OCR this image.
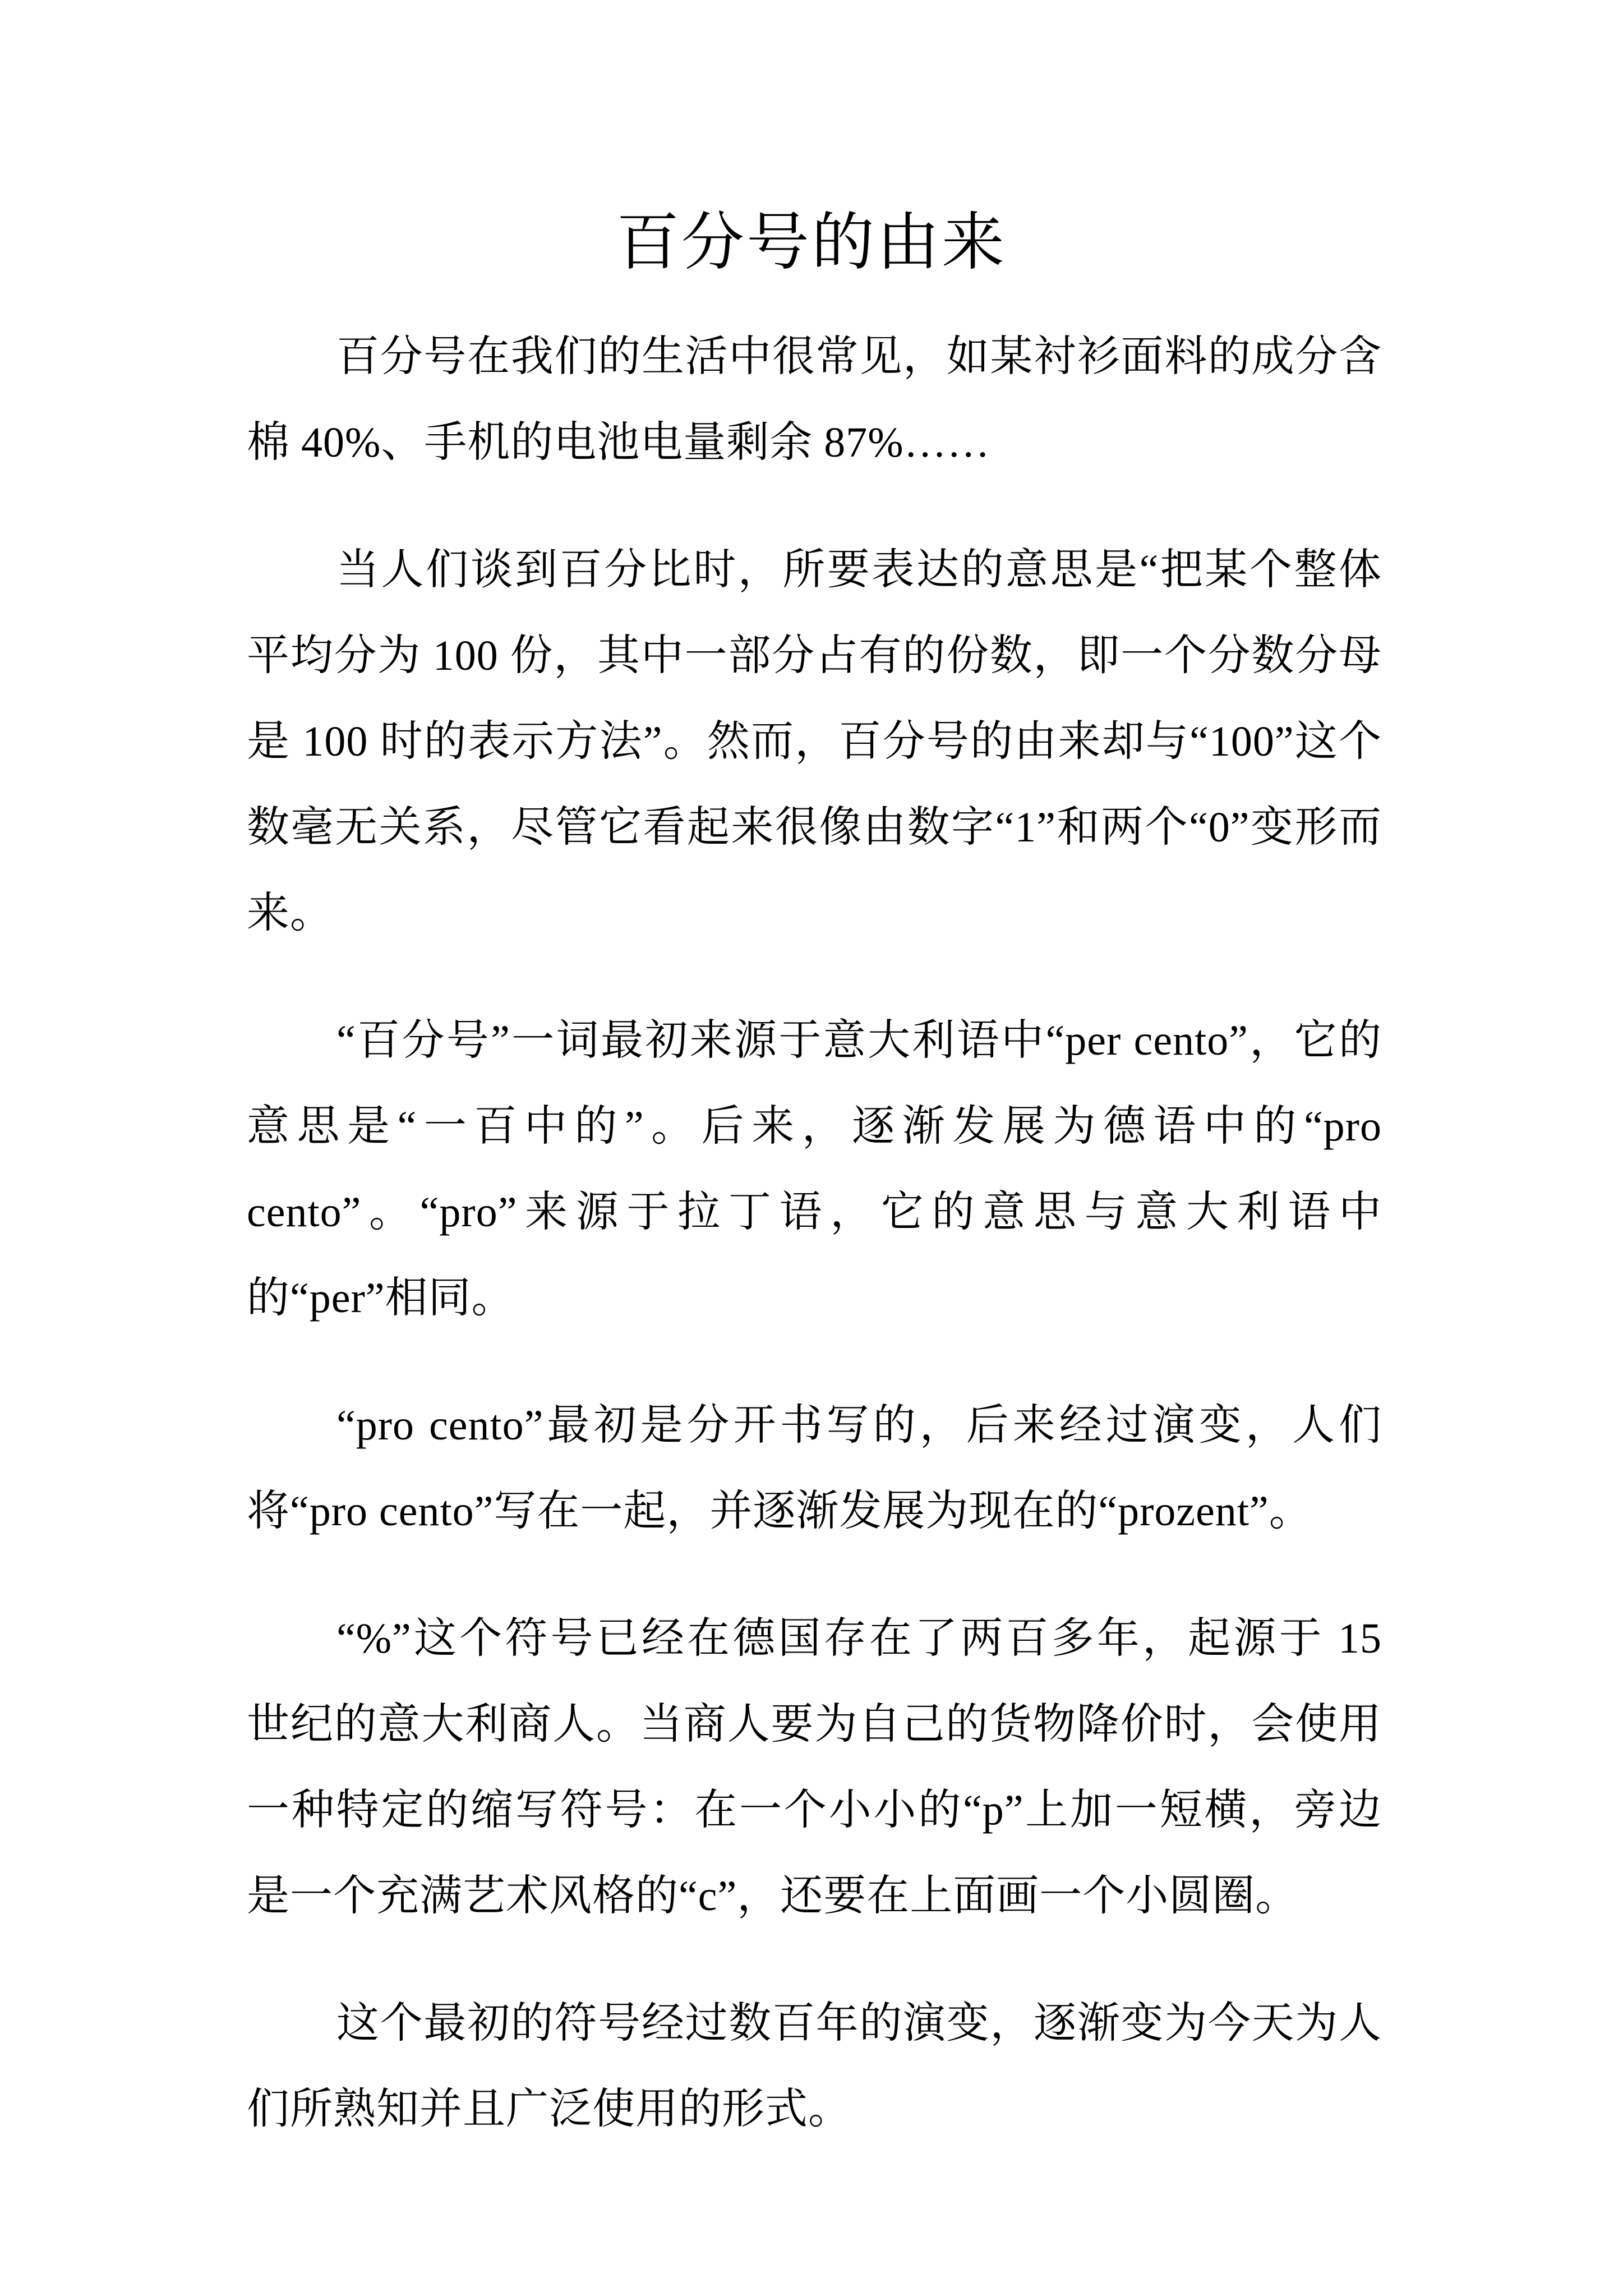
百分号的由来

百分号在我们的生活中很常见，如某衬衫面料的成分含棉 40%、手机的电池电量剩余 87%……

当人们谈到百分比时，所要表达的意思是“把某个整体平均分为 100 份，其中一部分占有的份数，即一个分数分母是 100 时的表示方法”。然而，百分号的由来却与“100”这个数毫无关系，尽管它看起来很像由数字“1”和两个“0”变形而来。

“百分号”一词最初来源于意大利语中“per cento”，它的意思是“一百中的”。后来，逐渐发展为德语中的“pro cento”。“pro”来源于拉丁语，它的意思与意大利语中的“per”相同。

“pro cento”最初是分开书写的，后来经过演变，人们将“pro cento”写在一起，并逐渐发展为现在的“prozent”。

“%”这个符号已经在德国存在了两百多年，起源于 15 世纪的意大利商人。当商人要为自己的货物降价时，会使用一种特定的缩写符号：在一个小小的“p”上加一短横，旁边是一个充满艺术风格的“c”，还要在上面画一个小圆圈。

这个最初的符号经过数百年的演变，逐渐变为今天为人们所熟知并且广泛使用的形式。
